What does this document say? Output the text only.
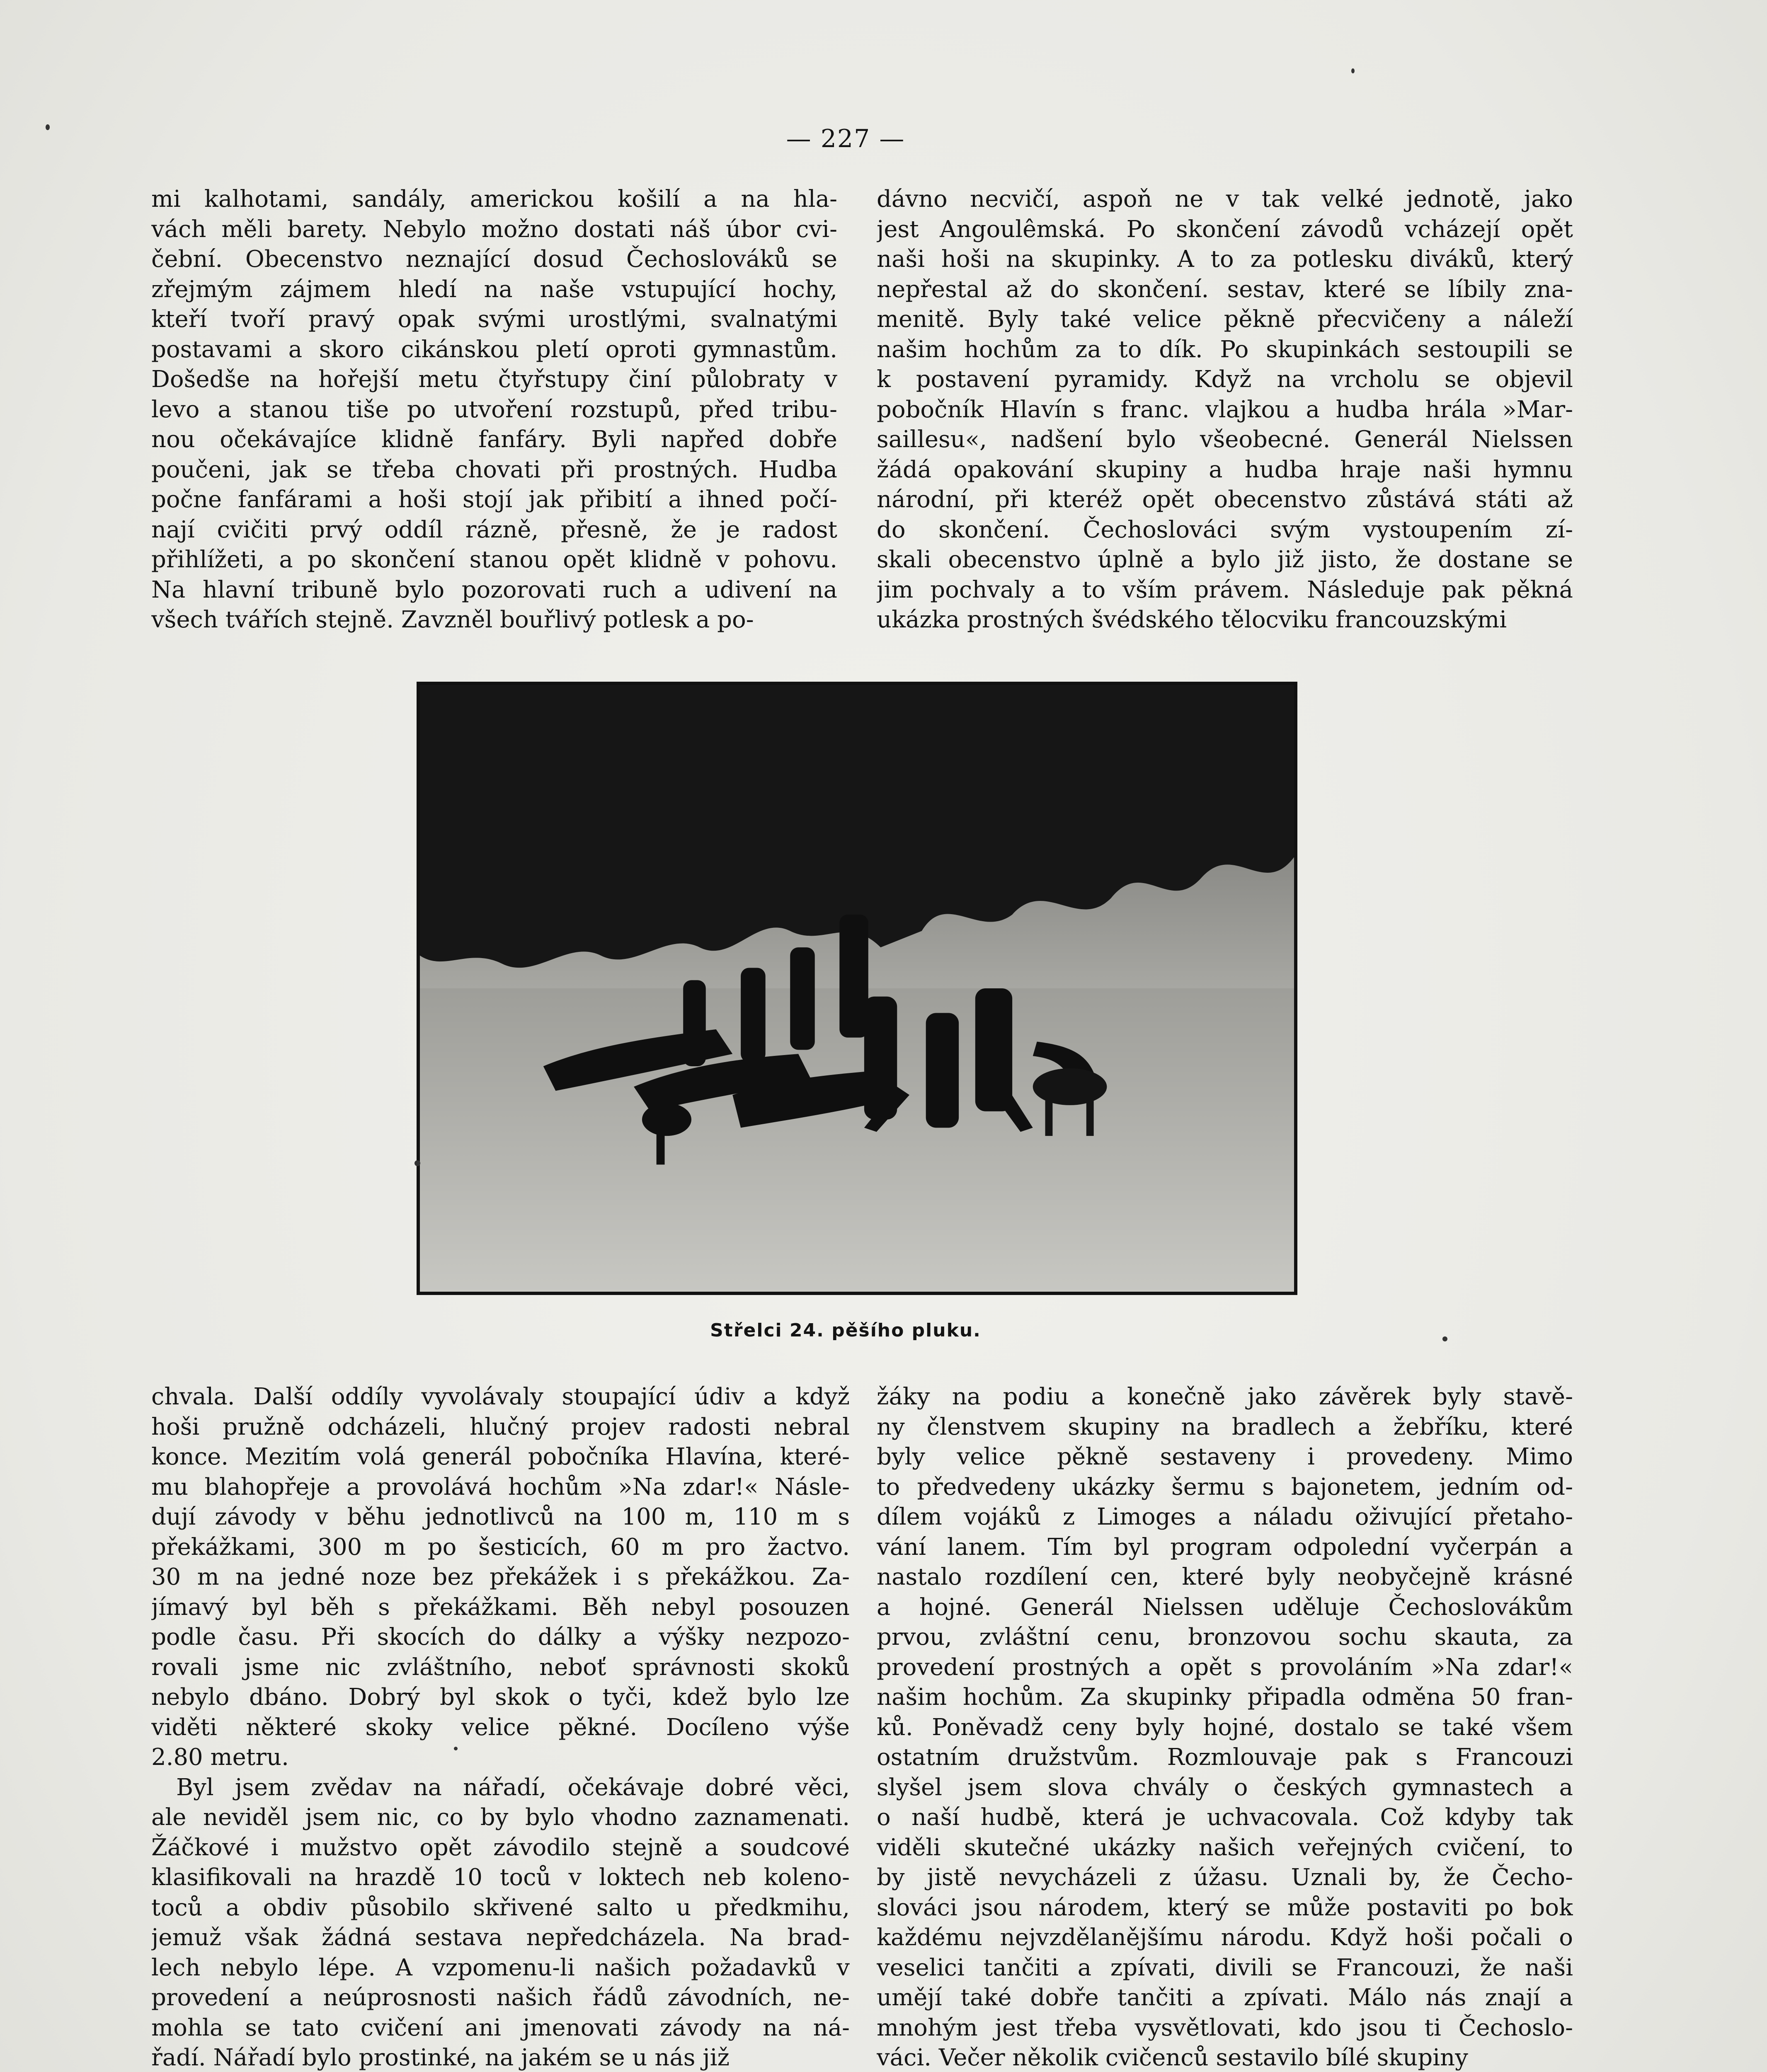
— 227 —
mi kalhotami, sandály, americkou košilí a na hla-
vách měli barety. Nebylo možno dostati náš úbor cvi-
čební. Obecenstvo neznající dosud Čechoslováků se
zřejmým zájmem hledí na naše vstupující hochy,
kteří tvoří pravý opak svými urostlými, svalnatými
postavami a skoro cikánskou pletí oproti gymnastům.
Došedše na hořejší metu čtyřstupy činí půlobraty v
levo a stanou tiše po utvoření rozstupů, před tribu-
nou očekávajíce klidně fanfáry. Byli napřed dobře
poučeni, jak se třeba chovati při prostných. Hudba
počne fanfárami a hoši stojí jak přibití a ihned počí-
nají cvičiti prvý oddíl rázně, přesně, že je radost
přihlížeti, a po skončení stanou opět klidně v pohovu.
Na hlavní tribuně bylo pozorovati ruch a udivení na
všech tvářích stejně. Zavzněl bouřlivý potlesk a po-
dávno necvičí, aspoň ne v tak velké jednotě, jako
jest Angoulêmská. Po skončení závodů vcházejí opět
naši hoši na skupinky. A to za potlesku diváků, který
nepřestal až do skončení. sestav, které se líbily zna-
menitě. Byly také velice pěkně přecvičeny a náleží
našim hochům za to dík. Po skupinkách sestoupili se
k postavení pyramidy. Když na vrcholu se objevil
pobočník Hlavín s franc. vlajkou a hudba hrála »Mar-
saillesu«, nadšení bylo všeobecné. Generál Nielssen
žádá opakování skupiny a hudba hraje naši hymnu
národní, při kteréž opět obecenstvo zůstává státi až
do skončení. Čechoslováci svým vystoupením zí-
skali obecenstvo úplně a bylo již jisto, že dostane se
jim pochvaly a to vším právem. Následuje pak pěkná
ukázka prostných švédského tělocviku francouzskými
Střelci 24. pěšího pluku.
chvala. Další oddíly vyvolávaly stoupající údiv a když
hoši pružně odcházeli, hlučný projev radosti nebral
konce. Mezitím volá generál pobočníka Hlavína, které-
mu blahopřeje a provolává hochům »Na zdar!« Násle-
dují závody v běhu jednotlivců na 100 m, 110 m s
překážkami, 300 m po šesticích, 60 m pro žactvo.
30 m na jedné noze bez překážek i s překážkou. Za-
jímavý byl běh s překážkami. Běh nebyl posouzen
podle času. Při skocích do dálky a výšky nezpozo-
rovali jsme nic zvláštního, neboť správnosti skoků
nebylo dbáno. Dobrý byl skok o tyči, kdež bylo lze
viděti některé skoky velice pěkné. Docíleno výše
2.80 metru.
Byl jsem zvědav na nářadí, očekávaje dobré věci,
ale neviděl jsem nic, co by bylo vhodno zaznamenati.
Žáčkové i mužstvo opět závodilo stejně a soudcové
klasifikovali na hrazdě 10 toců v loktech neb koleno-
toců a obdiv působilo skřivené salto u předkmihu,
jemuž však žádná sestava nepředcházela. Na brad-
lech nebylo lépe. A vzpomenu-li našich požadavků v
provedení a neúprosnosti našich řádů závodních, ne-
mohla se tato cvičení ani jmenovati závody na ná-
řadí. Nářadí bylo prostinké, na jakém se u nás již
žáky na podiu a konečně jako závěrek byly stavě-
ny členstvem skupiny na bradlech a žebříku, které
byly velice pěkně sestaveny i provedeny. Mimo
to předvedeny ukázky šermu s bajonetem, jedním od-
dílem vojáků z Limoges a náladu oživující přetaho-
vání lanem. Tím byl program odpolední vyčerpán a
nastalo rozdílení cen, které byly neobyčejně krásné
a hojné. Generál Nielssen uděluje Čechoslovákům
prvou, zvláštní cenu, bronzovou sochu skauta, za
provedení prostných a opět s provoláním »Na zdar!«
našim hochům. Za skupinky připadla odměna 50 fran-
ků. Poněvadž ceny byly hojné, dostalo se také všem
ostatním družstvům. Rozmlouvaje pak s Francouzi
slyšel jsem slova chvály o českých gymnastech a
o naší hudbě, která je uchvacovala. Což kdyby tak
viděli skutečné ukázky našich veřejných cvičení, to
by jistě nevycházeli z úžasu. Uznali by, že Čecho-
slováci jsou národem, který se může postaviti po bok
každému nejvzdělanějšímu národu. Když hoši počali o
veselici tančiti a zpívati, divili se Francouzi, že naši
umějí také dobře tančiti a zpívati. Málo nás znají a
mnohým jest třeba vysvětlovati, kdo jsou ti Čechoslo-
váci. Večer několik cvičenců sestavilo bílé skupiny
